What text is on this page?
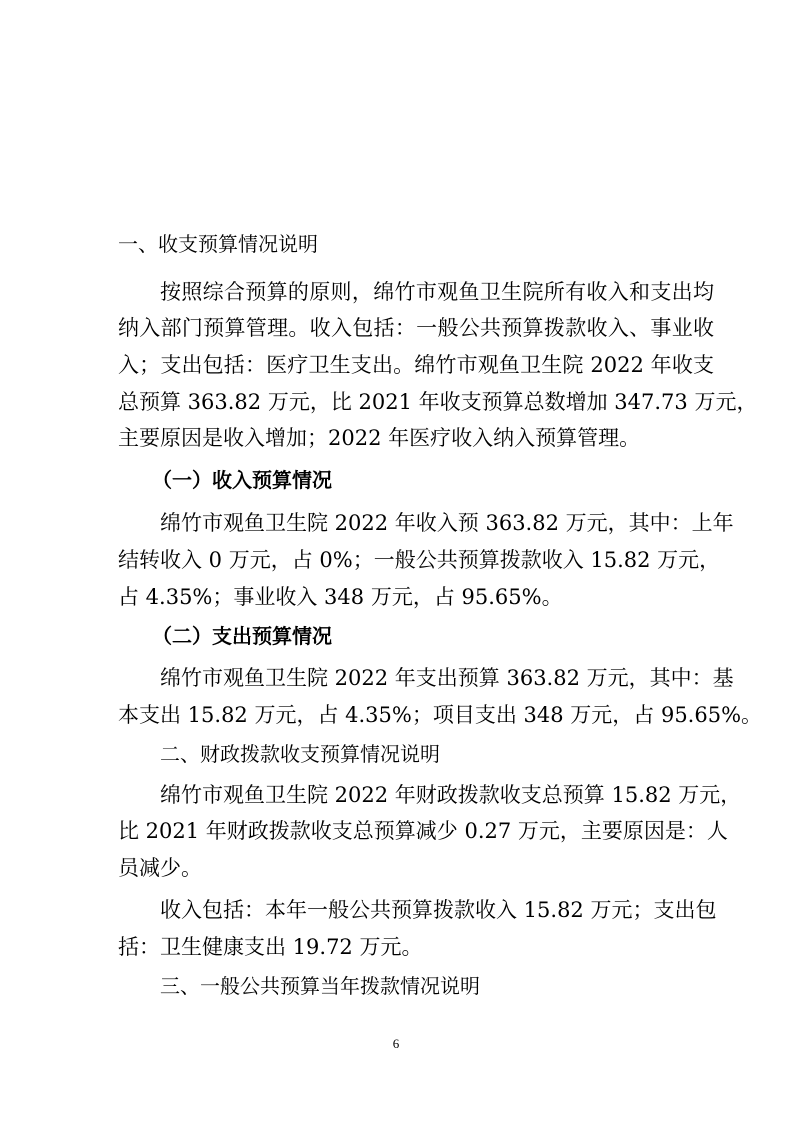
一、收支预算情况说明
按照综合预算的原则，绵竹市观鱼卫生院所有收入和支出均
纳入部门预算管理。收入包括：一般公共预算拨款收入、事业收
入；支出包括：医疗卫生支出。绵竹市观鱼卫生院 2022 年收支
总预算 363.82 万元，比 2021 年收支预算总数增加 347.73 万元，
主要原因是收入增加；2022 年医疗收入纳入预算管理。
（一）收入预算情况
绵竹市观鱼卫生院 2022 年收入预 363.82 万元，其中：上年
结转收入 0 万元，占 0%；一般公共预算拨款收入 15.82 万元，
占 4.35%；事业收入 348 万元，占 95.65%。
（二）支出预算情况
绵竹市观鱼卫生院 2022 年支出预算 363.82 万元，其中：基
本支出 15.82 万元，占 4.35%；项目支出 348 万元，占 95.65%。
二、财政拨款收支预算情况说明
绵竹市观鱼卫生院 2022 年财政拨款收支总预算 15.82 万元，
比 2021 年财政拨款收支总预算减少 0.27 万元，主要原因是：人
员减少。
收入包括：本年一般公共预算拨款收入 15.82 万元；支出包
括：卫生健康支出 19.72 万元。
三、一般公共预算当年拨款情况说明
6
